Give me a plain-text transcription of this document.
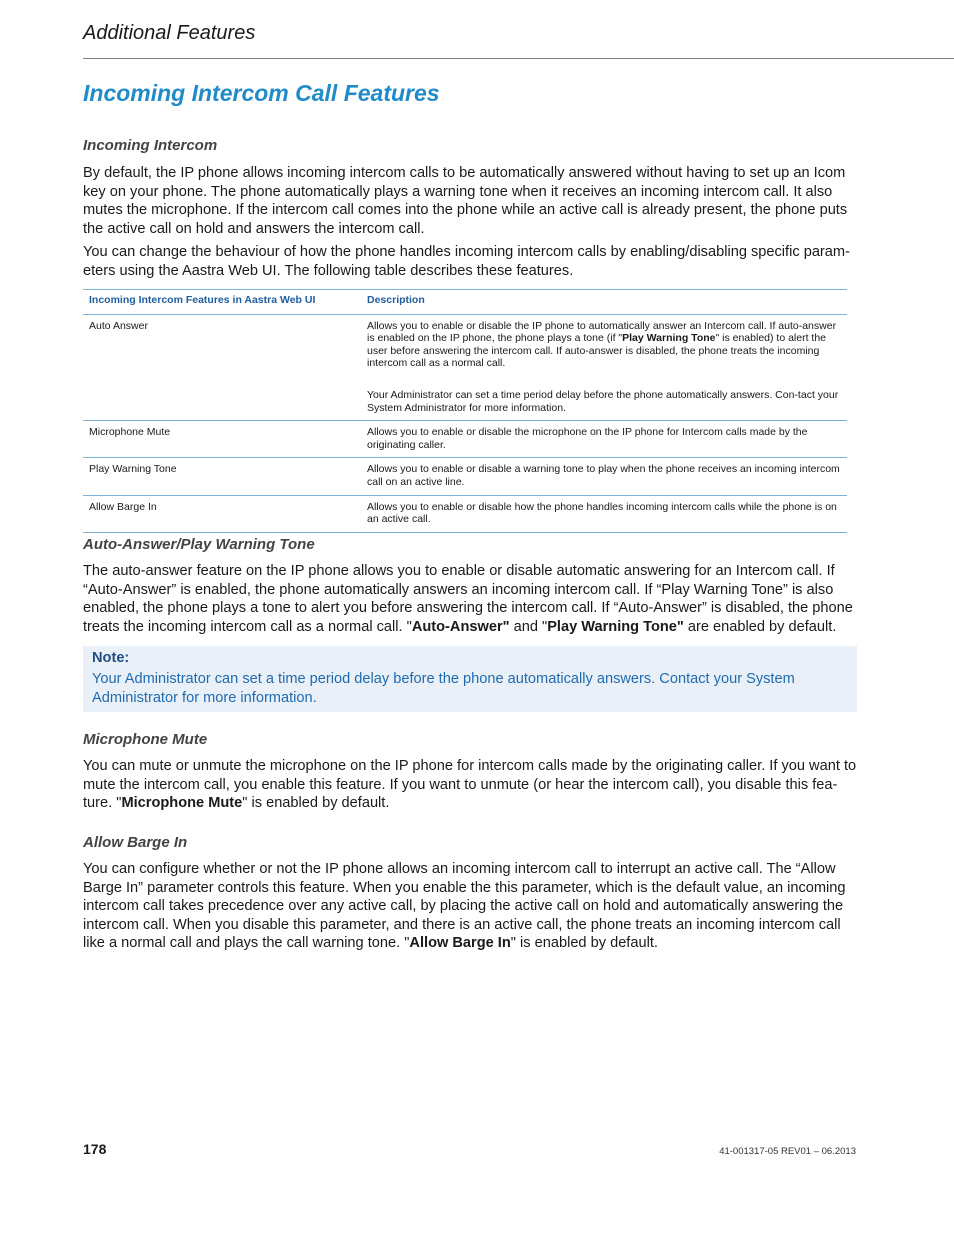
Additional Features
Incoming Intercom Call Features
Incoming Intercom

By default, the IP phone allows incoming intercom calls to be automatically answered without having to set up an Icom key on your phone. The phone automatically plays a warning tone when it receives an incoming intercom call. It also mutes the microphone. If the intercom call comes into the phone while an active call is already present, the phone puts the active call on hold and answers the intercom call.

You can change the behaviour of how the phone handles incoming intercom calls by enabling/disabling specific param-eters using the Aastra Web UI. The following table describes these features.

Incoming Intercom Features in Aastra Web UI	Description
Auto Answer	Allows you to enable or disable the IP phone to automatically answer an Intercom call. If auto-answer is enabled on the IP phone, the phone plays a tone (if "Play Warning Tone" is enabled) to alert the user before answering the intercom call. If auto-answer is disabled, the phone treats the incoming intercom call as a normal call.
Your Administrator can set a time period delay before the phone automatically answers. Con-tact your System Administrator for more information.

Microphone Mute	Allows you to enable or disable the microphone on the IP phone for Intercom calls made by the originating caller.
Play Warning Tone	Allows you to enable or disable a warning tone to play when the phone receives an incoming intercom call on an active line.
Allow Barge In	Allows you to enable or disable how the phone handles incoming intercom calls while the phone is on an active call.
Auto-Answer/Play Warning Tone

The auto-answer feature on the IP phone allows you to enable or disable automatic answering for an Intercom call. If “Auto-Answer” is enabled, the phone automatically answers an incoming intercom call. If “Play Warning Tone” is also enabled, the phone plays a tone to alert you before answering the intercom call. If “Auto-Answer” is disabled, the phone treats the incoming intercom call as a normal call. "Auto-Answer" and "Play Warning Tone" are enabled by default.

Note:
Your Administrator can set a time period delay before the phone automatically answers. Contact your System Administrator for more information.
Microphone Mute

You can mute or unmute the microphone on the IP phone for intercom calls made by the originating caller. If you want to mute the intercom call, you enable this feature. If you want to unmute (or hear the intercom call), you disable this fea-ture. "Microphone Mute" is enabled by default.

Allow Barge In

You can configure whether or not the IP phone allows an incoming intercom call to interrupt an active call. The “Allow Barge In” parameter controls this feature. When you enable the this parameter, which is the default value, an incoming intercom call takes precedence over any active call, by placing the active call on hold and automatically answering the intercom call. When you disable this parameter, and there is an active call, the phone treats an incoming intercom call like a normal call and plays the call warning tone. "Allow Barge In" is enabled by default.

178	41-001317-05 REV01 – 06.2013
